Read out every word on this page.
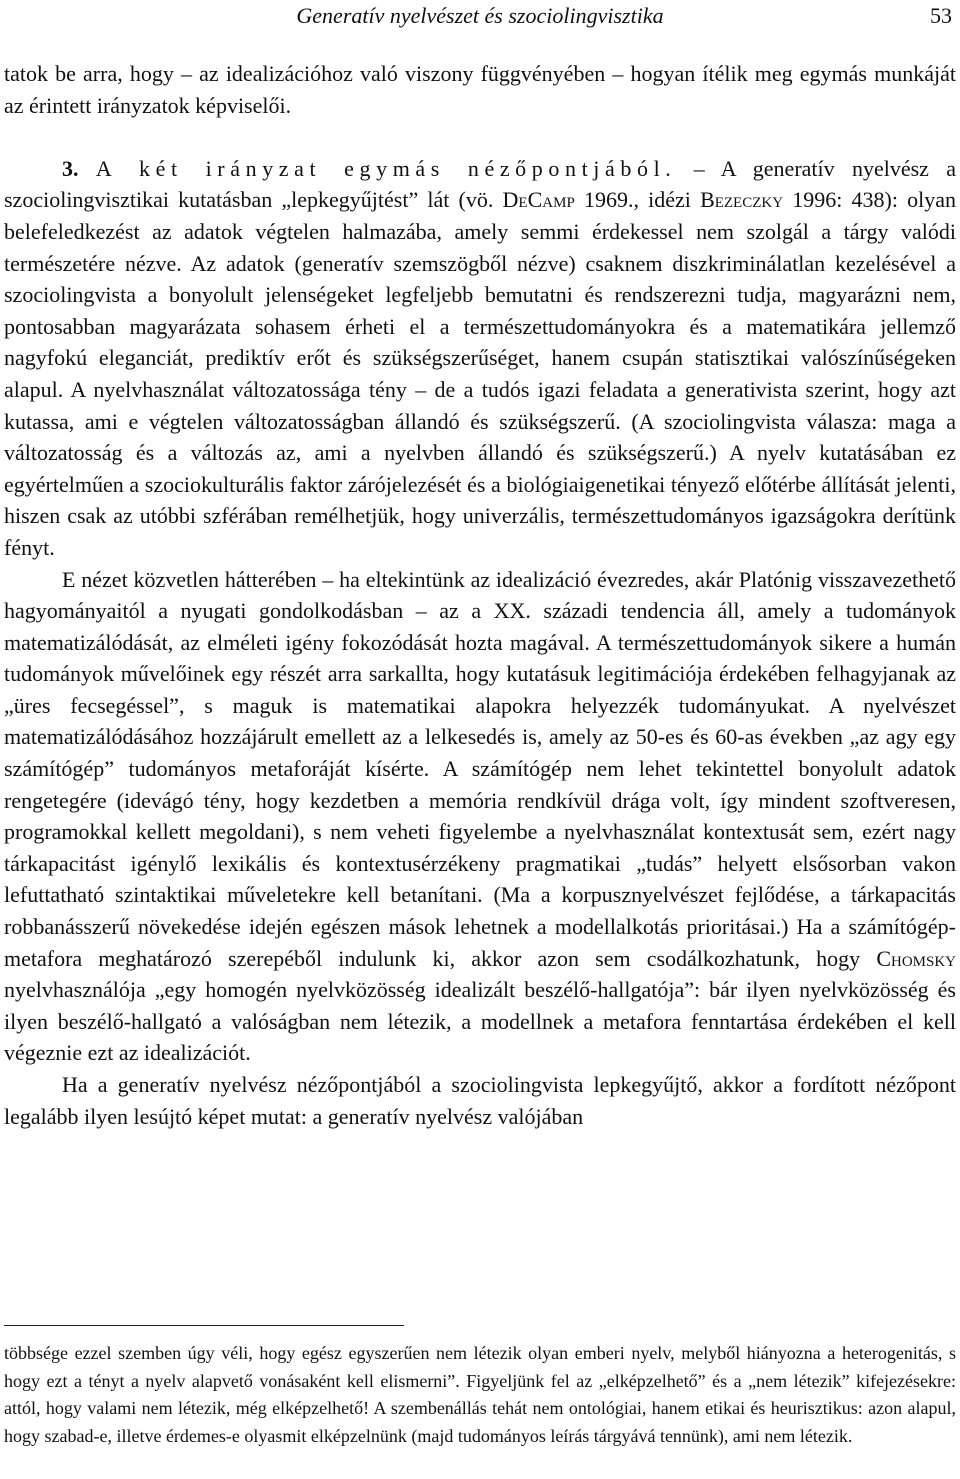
Generatív nyelvészet és szociolingvisztika	53

tatok be arra, hogy – az idealizációhoz való viszony függvényében – hogyan ítélik meg egymás munkáját az érintett irányzatok képviselői.

3. A két irányzat egymás nézőpontjából. – A generatív nyelvész a szociolingvisztikai kutatásban „lepkegyűjtést” lát (vö. DeCamp 1969., idézi Bezeczky 1996: 438): olyan belefeledkezést az adatok végtelen halmazába, amely semmi érdekessel nem szolgál a tárgy valódi természetére nézve. Az adatok (generatív szemszögből nézve) csaknem diszkriminálatlan kezelésével a szociolingvista a bonyolult jelenségeket legfeljebb bemutatni és rendszerezni tudja, magyarázni nem, pontosabban magyarázata sohasem érheti el a természettudományokra és a matematikára jellemző nagyfokú eleganciát, prediktív erőt és szükségszerűséget, hanem csupán statisztikai valószínűségeken alapul. A nyelvhasználat változatossága tény – de a tudós igazi feladata a generativista szerint, hogy azt kutassa, ami e végtelen változatosságban állandó és szükségszerű. (A szociolingvista válasza: maga a változatosság és a változás az, ami a nyelvben állandó és szükségszerű.) A nyelv kutatásában ez egyértelműen a szociokulturális faktor zárójelezését és a biológiaigenetikai tényező előtérbe állítását jelenti, hiszen csak az utóbbi szférában remélhetjük, hogy univerzális, természettudományos igazságokra derítünk fényt.

E nézet közvetlen hátterében – ha eltekintünk az idealizáció évezredes, akár Platónig visszavezethető hagyományaitól a nyugati gondolkodásban – az a XX. századi tendencia áll, amely a tudományok matematizálódását, az elméleti igény fokozódását hozta magával. A természettudományok sikere a humán tudományok művelőinek egy részét arra sarkallta, hogy kutatásuk legitimációja érdekében felhagyjanak az „üres fecsegéssel”, s maguk is matematikai alapokra helyezzék tudományukat. A nyelvészet matematizálódásához hozzájárult emellett az a lelkesedés is, amely az 50-es és 60-as években „az agy egy számítógép” tudományos metaforáját kísérte. A számítógép nem lehet tekintettel bonyolult adatok rengetegére (idevágó tény, hogy kezdetben a memória rendkívül drága volt, így mindent szoftveresen, programokkal kellett megoldani), s nem veheti figyelembe a nyelvhasználat kontextusát sem, ezért nagy tárkapacitást igénylő lexikális és kontextusérzékeny pragmatikai „tudás” helyett elsősorban vakon lefuttatható szintaktikai műveletekre kell betanítani. (Ma a korpusznyelvészet fejlődése, a tárkapacitás robbanásszerű növekedése idején egészen mások lehetnek a modellalkotás prioritásai.) Ha a számítógép-metafora meghatározó szerepéből indulunk ki, akkor azon sem csodálkozhatunk, hogy Chomsky nyelvhasználója „egy homogén nyelvközösség idealizált beszélő-hallgatója”: bár ilyen nyelvközösség és ilyen beszélő-hallgató a valóságban nem létezik, a modellnek a metafora fenntartása érdekében el kell végeznie ezt az idealizációt.

Ha a generatív nyelvész nézőpontjából a szociolingvista lepkegyűjtő, akkor a fordított nézőpont legalább ilyen lesújtó képet mutat: a generatív nyelvész valójában

többsége ezzel szemben úgy véli, hogy egész egyszerűen nem létezik olyan emberi nyelv, melyből hiányozna a heterogenitás, s hogy ezt a tényt a nyelv alapvető vonásaként kell elismerni”. Figyeljünk fel az „elképzelhető” és a „nem létezik” kifejezésekre: attól, hogy valami nem létezik, még elképzelhető! A szembenállás tehát nem ontológiai, hanem etikai és heurisztikus: azon alapul, hogy szabad-e, illetve érdemes-e olyasmit elképzelnünk (majd tudományos leírás tárgyává tennünk), ami nem létezik.
